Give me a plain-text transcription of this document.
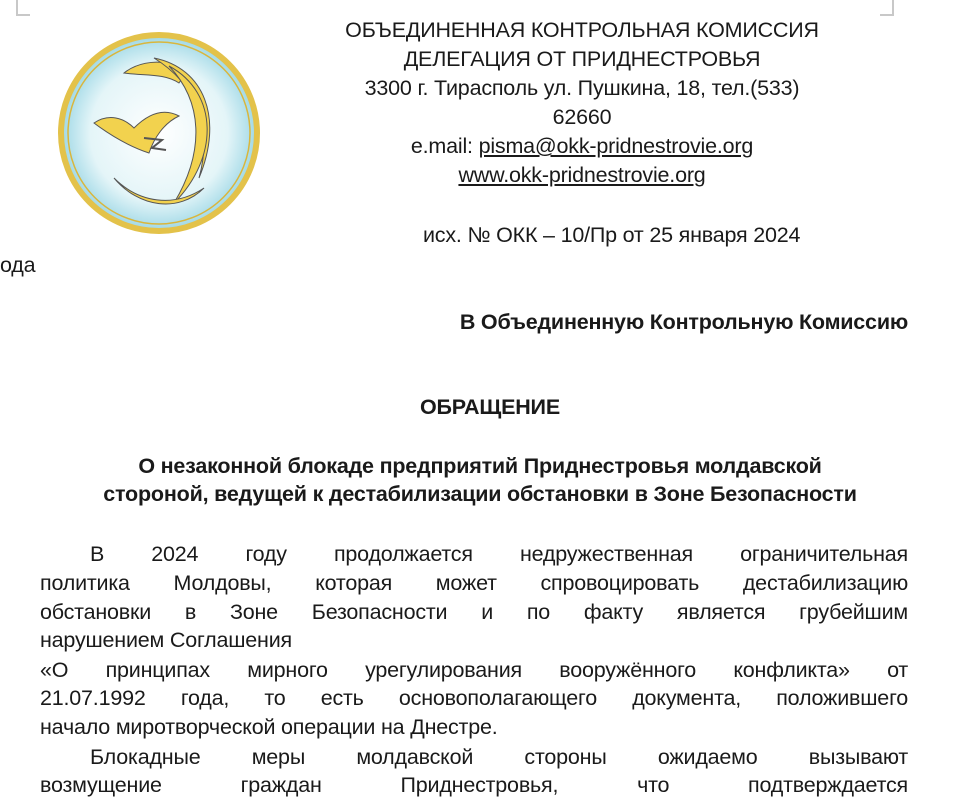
ОБЪЕДИНЕННАЯ КОНТРОЛЬНАЯ КОМИССИЯ
ДЕЛЕГАЦИЯ ОТ ПРИДНЕСТРОВЬЯ
3300 г. Тирасполь ул. Пушкина, 18, тел.(533)
62660
e.mail: pisma@okk-pridnestrovie.org
www.okk-pridnestrovie.org
исх. № ОКК – 10/Пр от 25 января 2024
ода
В Объединенную Контрольную Комиссию
ОБРАЩЕНИЕ
О незаконной блокаде предприятий Приднестровья молдавской
стороной, ведущей к дестабилизации обстановки в Зоне Безопасности
В 2024 году продолжается недружественная ограничительная
политика Молдовы, которая может спровоцировать дестабилизацию
обстановки в Зоне Безопасности и по факту является грубейшим
нарушением Соглашения
«О принципах мирного урегулирования вооружённого конфликта» от
21.07.1992 года, то есть основополагающего документа, положившего
начало миротворческой операции на Днестре.
Блокадные меры молдавской стороны ожидаемо вызывают
возмущение граждан Приднестровья, что подтверждается
